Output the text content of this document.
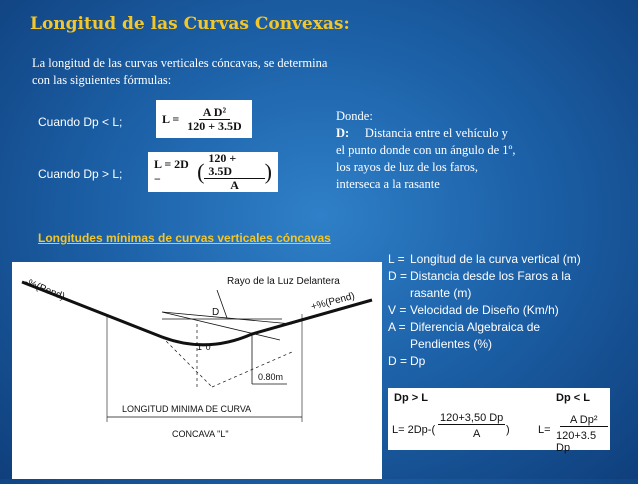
Longitud de las Curvas Convexas:
La longitud de las curvas verticales cóncavas, se determina con las siguientes fórmulas:
Cuando Dp < L;	$L = \frac{\text{A D²}}{120 + 3.5D}$
Cuando Dp > L;
L = 2D −	( $\frac{120 + 3.5D}{A}$ )
Donde:
D: Distancia entre el vehículo y
el punto donde con un ángulo de 1º,
los rayos de luz de los faros,
interseca a la rasante
Longitudes mínimas de curvas verticales cóncavas
Rayo de la Luz Delantera
D
-%(Pend)	+%(Pend)
1°0'
0.80m
LONGITUD MINIMA DE CURVA
CONCAVA "L"
L = Longitud de la curva vertical (m)
D = Distancia desde los Faros a la
rasante (m)
V = Velocidad de Diseño (Km/h)
A = Diferencia Algebraica de
Pendientes (%)
D = Dp
Dp > L	Dp < L
L= 2Dp-(
120+3,50 Dp
A )	L=
A Dp²
120+3.5 Dp
